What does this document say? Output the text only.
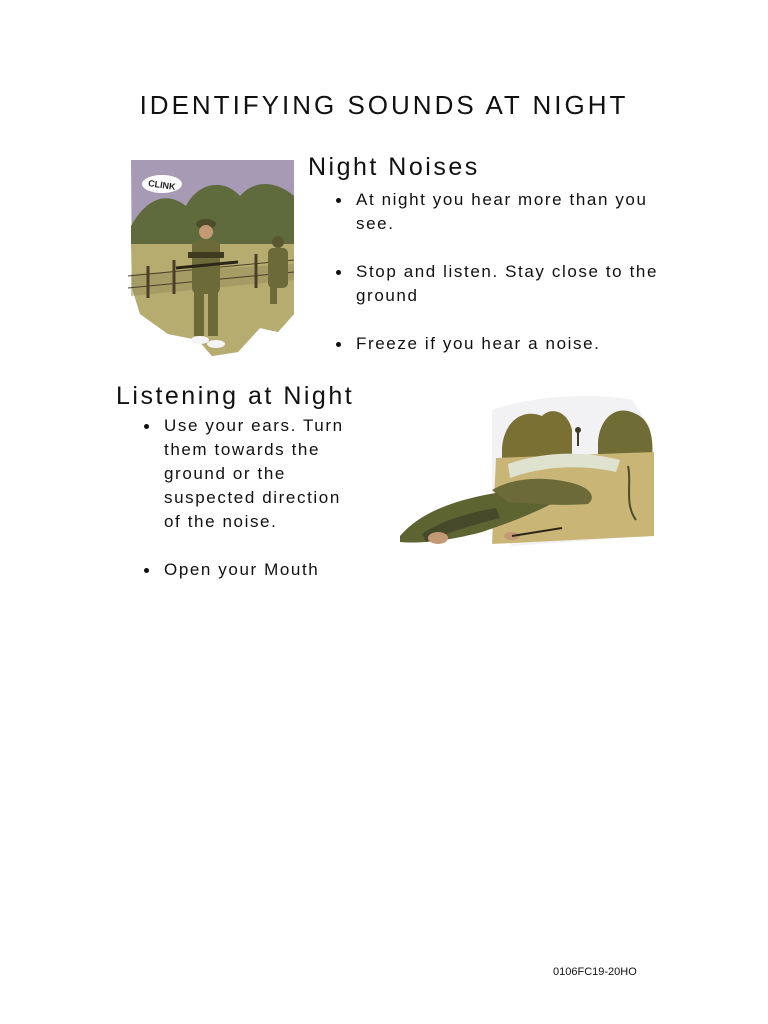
IDENTIFYING SOUNDS AT NIGHT
CLINK
Night Noises
At night you hear more than you see.
Stop and listen. Stay close to the ground
Freeze if you hear a noise.
Listening at Night
Use your ears. Turn them towards the ground or the suspected direction of the noise.
Open your Mouth
0106FC19-20HO
